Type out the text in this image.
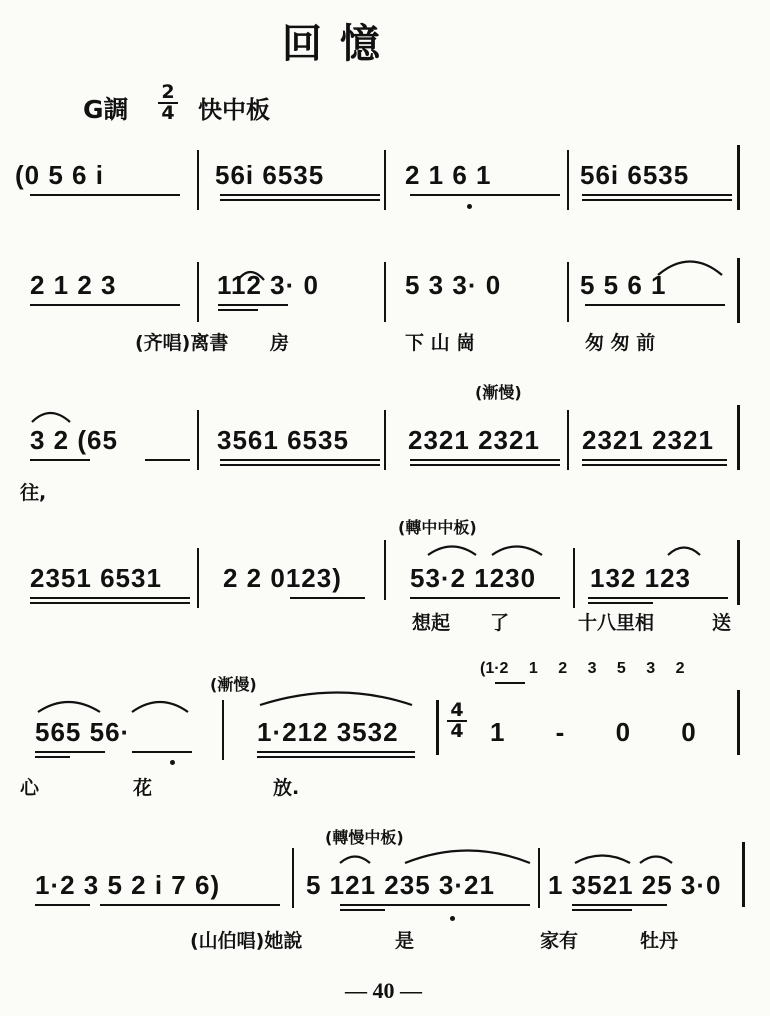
回 憶
G調
2
4 快中板
(0 5 6 i	56i 6535	2 1 6 1	56i 6535
2 1 2 3	112 3· 0	5 3 3· 0	5 5 6 1
(齐唱)离書 房	下 山 崗	匆 匆 前
(漸慢)
3 2 (65	3561 6535 2321 2321 2321 2321
往,
(轉中中板)
2351 6531 2 2 0123)	53·2 1230 132 123
想起 了	十八里相	送
(漸慢)
(1·2 1 2 3 5 3 2
565 56·	1·212 3532
4
4 1 - 0 0
心	花	放.
(轉慢中板)
1·2 3 5 2 i 7 6)	5 121 235 3·21 1 3521 25 3·0
(山伯唱)她說	是	家有	牡丹
— 40 —
